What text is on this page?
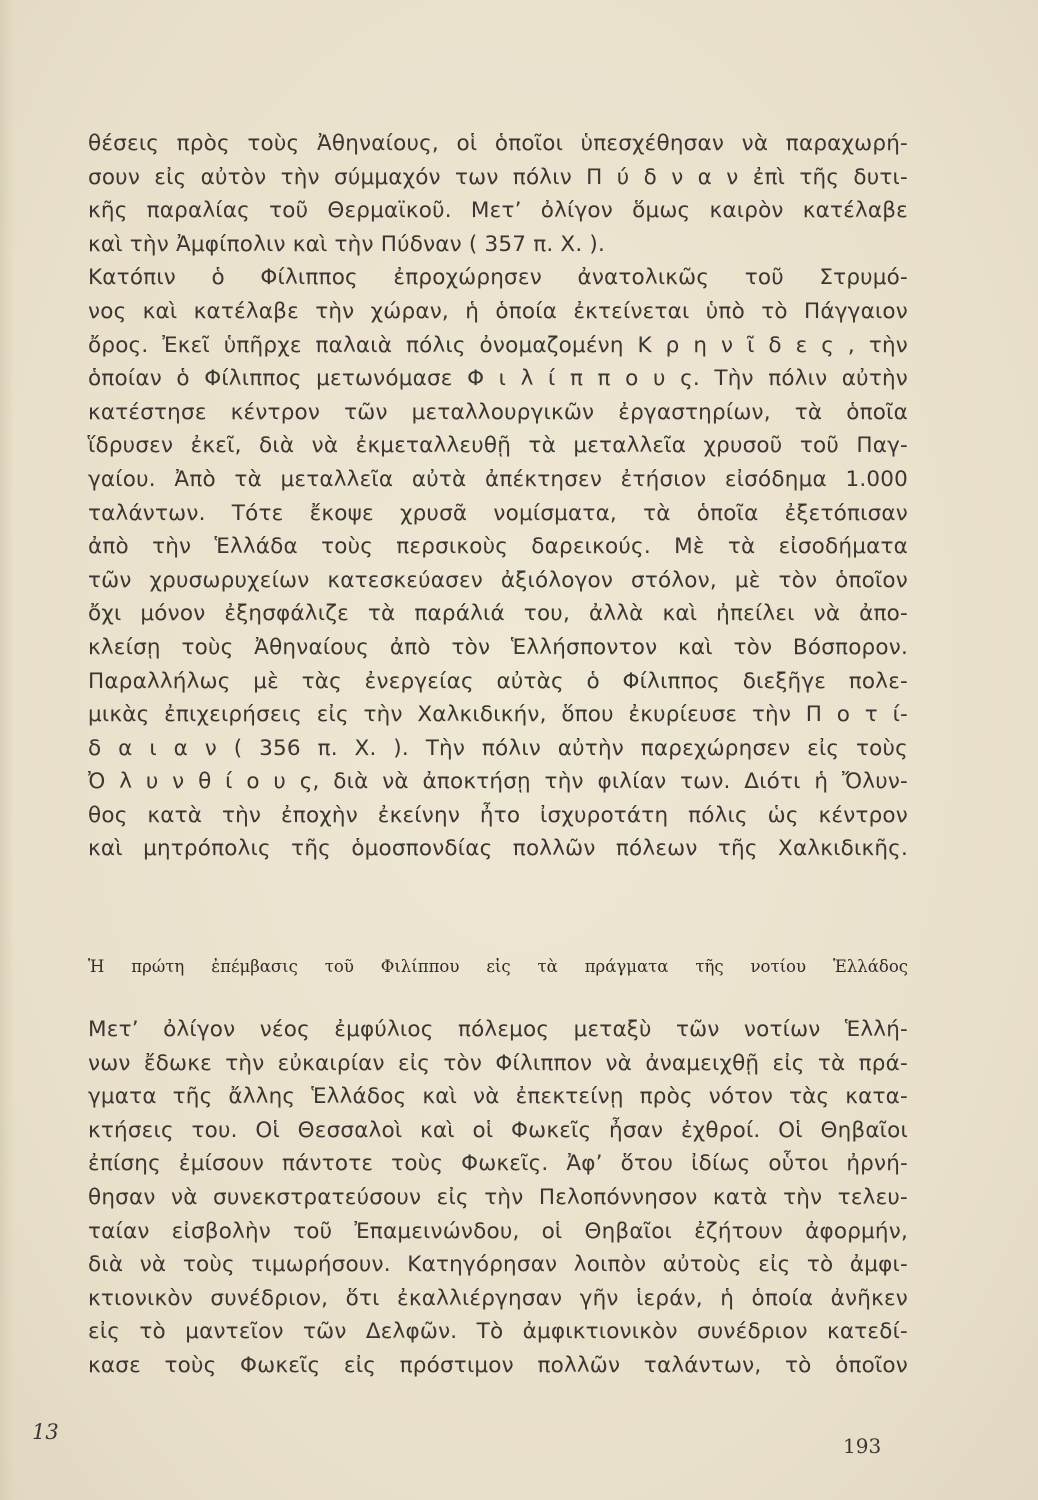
θέσεις πρὸς τοὺς Ἀθηναίους, οἱ ὁποῖοι ὑπεσχέθησαν νὰ παραχωρή-
σουν εἰς αὐτὸν τὴν σύμμαχόν των πόλιν Π ύ δ ν α ν ἐπὶ τῆς δυτι-
κῆς παραλίας τοῦ Θερμαϊκοῦ. Μετ’ ὀλίγον ὅμως καιρὸν κατέλαβε
καὶ τὴν Ἀμφίπολιν καὶ τὴν Πύδναν ( 357 π. Χ. ).
Κατόπιν ὁ Φίλιππος ἐπροχώρησεν ἀνατολικῶς τοῦ Στρυμό-
νος καὶ κατέλαβε τὴν χώραν, ἡ ὁποία ἐκτείνεται ὑπὸ τὸ Πάγγαιον
ὄρος. Ἐκεῖ ὑπῆρχε παλαιὰ πόλις ὀνομαζομένη Κ ρ η ν ῖ δ ε ς , τὴν
ὁποίαν ὁ Φίλιππος μετωνόμασε Φ ι λ ί π π ο υ ς. Τὴν πόλιν αὐτὴν
κατέστησε κέντρον τῶν μεταλλουργικῶν ἐργαστηρίων, τὰ ὁποῖα
ἵδρυσεν ἐκεῖ, διὰ νὰ ἐκμεταλλευθῇ τὰ μεταλλεῖα χρυσοῦ τοῦ Παγ-
γαίου. Ἀπὸ τὰ μεταλλεῖα αὐτὰ ἀπέκτησεν ἐτήσιον εἰσόδημα 1.000
ταλάντων. Τότε ἔκοψε χρυσᾶ νομίσματα, τὰ ὁποῖα ἐξετόπισαν
ἀπὸ τὴν Ἑλλάδα τοὺς περσικοὺς δαρεικούς. Μὲ τὰ εἰσοδήματα
τῶν χρυσωρυχείων κατεσκεύασεν ἀξιόλογον στόλον, μὲ τὸν ὁποῖον
ὄχι μόνον ἐξησφάλιζε τὰ παράλιά του, ἀλλὰ καὶ ἠπείλει νὰ ἀπο-
κλείσῃ τοὺς Ἀθηναίους ἀπὸ τὸν Ἑλλήσποντον καὶ τὸν Βόσπορον.
Παραλλήλως μὲ τὰς ἐνεργείας αὐτὰς ὁ Φίλιππος διεξῆγε πολε-
μικὰς ἐπιχειρήσεις εἰς τὴν Χαλκιδικήν, ὅπου ἐκυρίευσε τὴν Π ο τ ί-
δ α ι α ν ( 356 π. Χ. ). Τὴν πόλιν αὐτὴν παρεχώρησεν εἰς τοὺς
Ὀ λ υ ν θ ί ο υ ς, διὰ νὰ ἀποκτήσῃ τὴν φιλίαν των. Διότι ἡ Ὄλυν-
θος κατὰ τὴν ἐποχὴν ἐκείνην ἦτο ἰσχυροτάτη πόλις ὡς κέντρον
καὶ μητρόπολις τῆς ὁμοσπονδίας πολλῶν πόλεων τῆς Χαλκιδικῆς.
Ἡ πρώτη ἐπέμβασις τοῦ Φιλίππου εἰς τὰ πράγματα τῆς νοτίου Ἑλλάδος
Μετ’ ὀλίγον νέος ἐμφύλιος πόλεμος μεταξὺ τῶν νοτίων Ἑλλή-
νων ἔδωκε τὴν εὐκαιρίαν εἰς τὸν Φίλιππον νὰ ἀναμειχθῇ εἰς τὰ πρά-
γματα τῆς ἄλλης Ἑλλάδος καὶ νὰ ἐπεκτείνῃ πρὸς νότον τὰς κατα-
κτήσεις του. Οἱ Θεσσαλοὶ καὶ οἱ Φωκεῖς ἦσαν ἐχθροί. Οἱ Θηβαῖοι
ἐπίσης ἐμίσουν πάντοτε τοὺς Φωκεῖς. Ἀφ’ ὅτου ἰδίως οὗτοι ἠρνή-
θησαν νὰ συνεκστρατεύσουν εἰς τὴν Πελοπόννησον κατὰ τὴν τελευ-
ταίαν εἰσβολὴν τοῦ Ἐπαμεινώνδου, οἱ Θηβαῖοι ἐζήτουν ἀφορμήν,
διὰ νὰ τοὺς τιμωρήσουν. Κατηγόρησαν λοιπὸν αὐτοὺς εἰς τὸ ἀμφι-
κτιονικὸν συνέδριον, ὅτι ἐκαλλιέργησαν γῆν ἱεράν, ἡ ὁποία ἀνῆκεν
εἰς τὸ μαντεῖον τῶν Δελφῶν. Τὸ ἀμφικτιονικὸν συνέδριον κατεδί-
κασε τοὺς Φωκεῖς εἰς πρόστιμον πολλῶν ταλάντων, τὸ ὁποῖον
13
193
